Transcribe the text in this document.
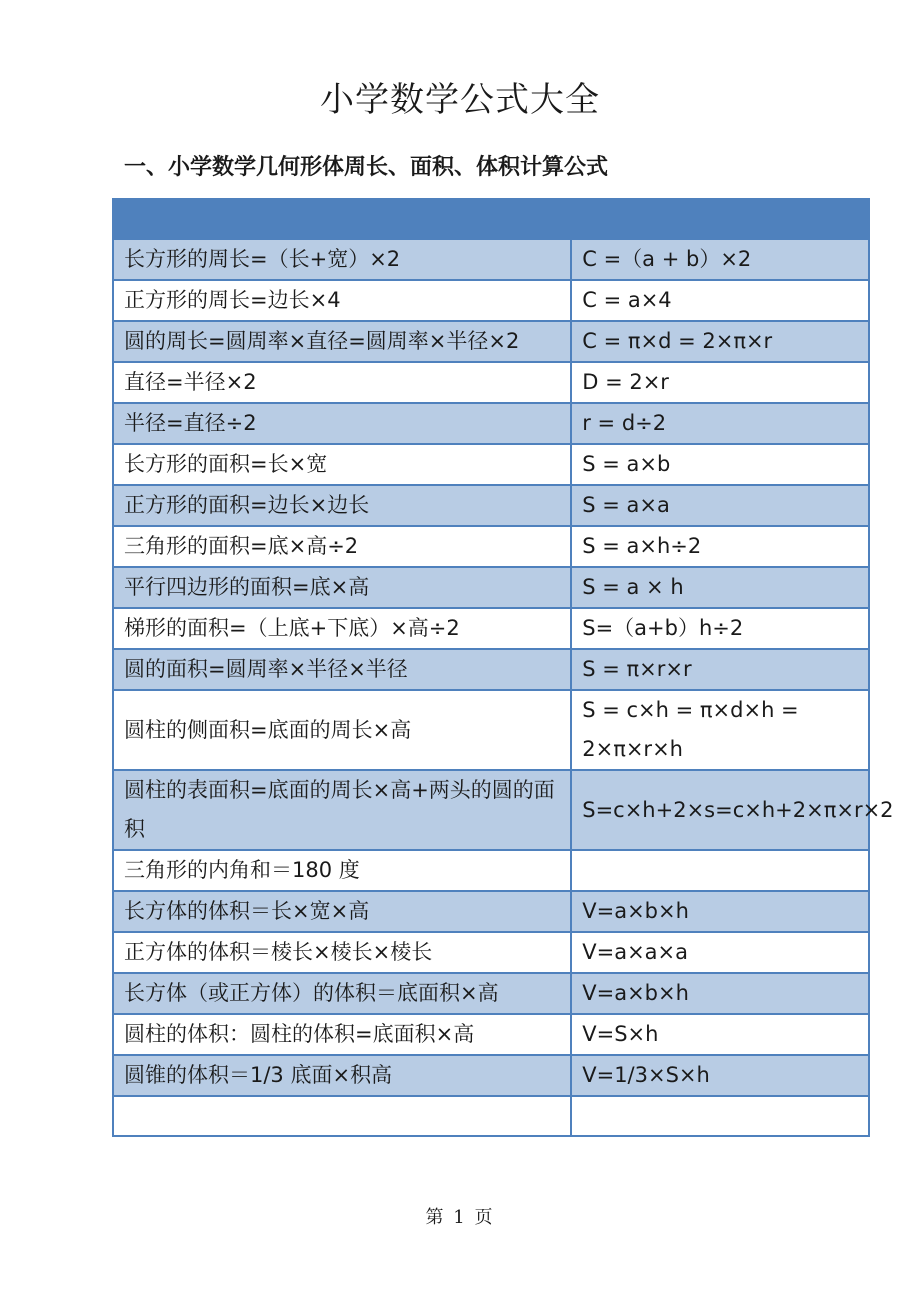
小学数学公式大全
一、小学数学几何形体周长、面积、体积计算公式

长方形的周长=（长+宽）×2	C =（a + b）×2
正方形的周长=边长×4	C = a×4
圆的周长=圆周率×直径=圆周率×半径×2	C = π×d = 2×π×r
直径=半径×2	D = 2×r
半径=直径÷2	r = d÷2
长方形的面积=长×宽	S = a×b
正方形的面积=边长×边长	S = a×a
三角形的面积=底×高÷2	S = a×h÷2
平行四边形的面积=底×高	S = a × h
梯形的面积=（上底+下底）×高÷2	S=（a+b）h÷2
圆的面积=圆周率×半径×半径	S = π×r×r
圆柱的侧面积=底面的周长×高	S = c×h = π×d×h = 2×π×r×h
圆柱的表面积=底面的周长×高+两头的圆的面积	S=c×h+2×s=c×h+2×π×r×2
三角形的内角和＝180 度	
长方体的体积＝长×宽×高	V=a×b×h
正方体的体积＝棱长×棱长×棱长	V=a×a×a
长方体（或正方体）的体积＝底面积×高	V=a×b×h
圆柱的体积：圆柱的体积=底面积×高	V=S×h
圆锥的体积＝1/3 底面×积高	V=1/3×S×h

第 1 页
